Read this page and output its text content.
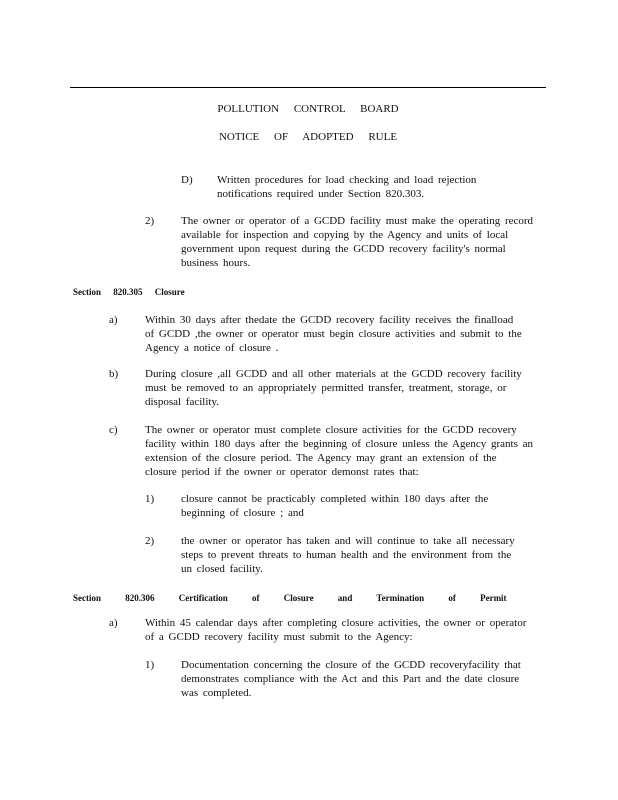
POLLUTION CONTROL BOARD
NOTICE OF ADOPTED RULE
D) Written procedures for load checking and load rejection
notifications required under Section 820.303.
2) The owner or operator of a GCDD facility must make the operating record
available for inspection and copying by the Agency and units of local
government upon request during the GCDD recovery facility's normal
business hours.
Section 820.305 Closure
a) Within 30 days after thedate the GCDD recovery facility receives the finalload
of GCDD ,the owner or operator must begin closure activities and submit to the
Agency a notice of closure .
b) During closure ,all GCDD and all other materials at the GCDD recovery facility
must be removed to an appropriately permitted transfer, treatment, storage, or
disposal facility.
c) The owner or operator must complete closure activities for the GCDD recovery
facility within 180 days after the beginning of closure unless the Agency grants an
extension of the closure period. The Agency may grant an extension of the
closure period if the owner or operator demonst rates that:
1) closure cannot be practicably completed within 180 days after the
beginning of closure ; and
2) the owner or operator has taken and will continue to take all necessary
steps to prevent threats to human health and the environment from the
un closed facility.
Section 820.306 Certification of Closure and Termination of Permit
a) Within 45 calendar days after completing closure activities, the owner or operator
of a GCDD recovery facility must submit to the Agency:
1) Documentation concerning the closure of the GCDD recoveryfacility that
demonstrates compliance with the Act and this Part and the date closure
was completed.
